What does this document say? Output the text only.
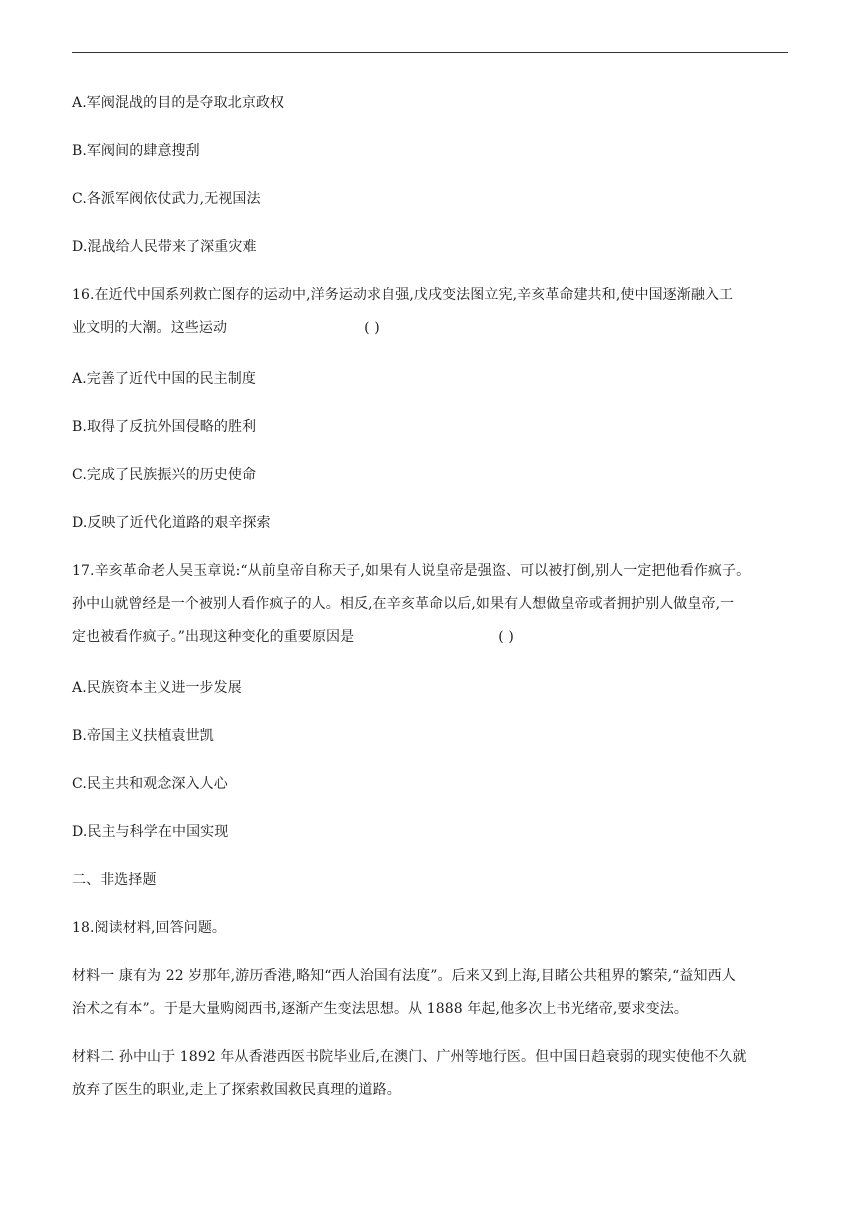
A.军阀混战的目的是夺取北京政权
B.军阀间的肆意搜刮
C.各派军阀依仗武力,无视国法
D.混战给人民带来了深重灾难
16.在近代中国系列救亡图存的运动中,洋务运动求自强,戊戌变法图立宪,辛亥革命建共和,使中国逐渐融入工
业文明的大潮。这些运动	( )
A.完善了近代中国的民主制度
B.取得了反抗外国侵略的胜利
C.完成了民族振兴的历史使命
D.反映了近代化道路的艰辛探索
17.辛亥革命老人吴玉章说:“从前皇帝自称天子,如果有人说皇帝是强盗、可以被打倒,别人一定把他看作疯子。
孙中山就曾经是一个被别人看作疯子的人。相反,在辛亥革命以后,如果有人想做皇帝或者拥护别人做皇帝,一
定也被看作疯子。”出现这种变化的重要原因是	( )
A.民族资本主义进一步发展
B.帝国主义扶植袁世凯
C.民主共和观念深入人心
D.民主与科学在中国实现
二、非选择题
18.阅读材料,回答问题。
材料一 康有为 22 岁那年,游历香港,略知“西人治国有法度”。后来又到上海,目睹公共租界的繁荣,“益知西人
治术之有本”。于是大量购阅西书,逐渐产生变法思想。从 1888 年起,他多次上书光绪帝,要求变法。
材料二 孙中山于 1892 年从香港西医书院毕业后,在澳门、广州等地行医。但中国日趋衰弱的现实使他不久就
放弃了医生的职业,走上了探索救国救民真理的道路。
